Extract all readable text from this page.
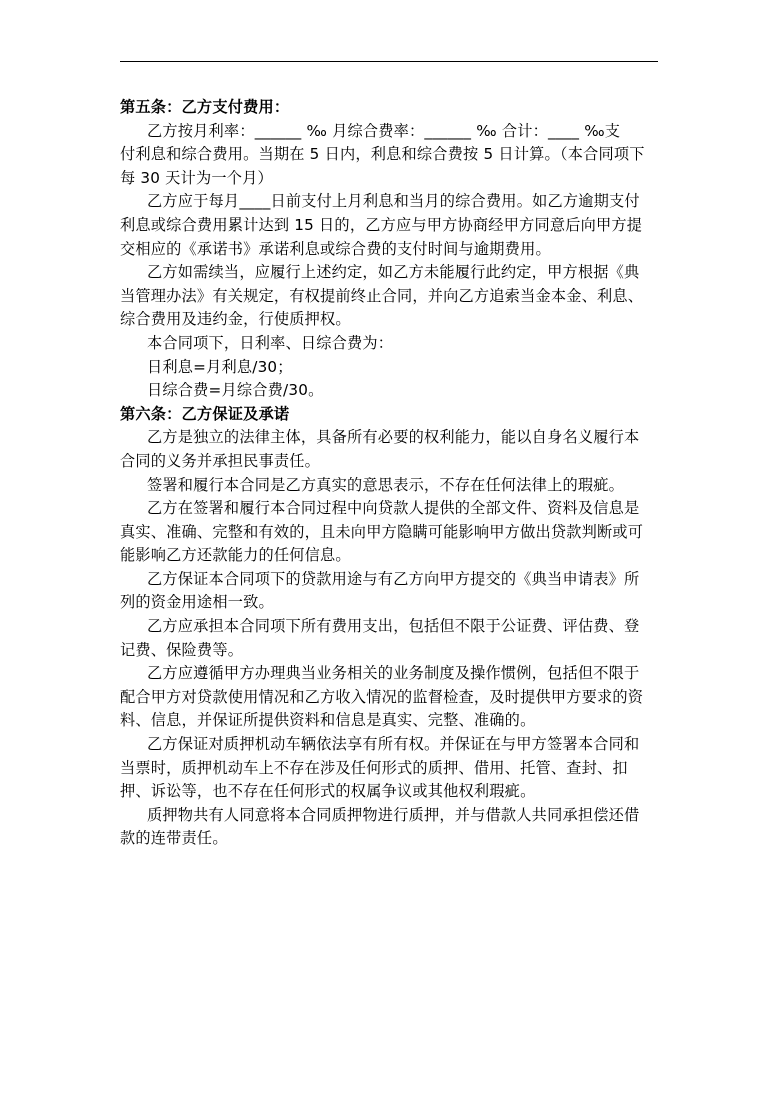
第五条：乙方支付费用：
乙方按月利率：______ ‰ 月综合费率：______ ‰ 合计：____ ‰支
付利息和综合费用。当期在 5 日内，利息和综合费按 5 日计算。（本合同项下
每 30 天计为一个月）
乙方应于每月____日前支付上月利息和当月的综合费用。如乙方逾期支付
利息或综合费用累计达到 15 日的，乙方应与甲方协商经甲方同意后向甲方提
交相应的《承诺书》承诺利息或综合费的支付时间与逾期费用。
乙方如需续当，应履行上述约定，如乙方未能履行此约定，甲方根据《典
当管理办法》有关规定，有权提前终止合同，并向乙方追索当金本金、利息、
综合费用及违约金，行使质押权。
本合同项下，日利率、日综合费为：
日利息=月利息/30；
日综合费=月综合费/30。
第六条：乙方保证及承诺
乙方是独立的法律主体，具备所有必要的权利能力，能以自身名义履行本
合同的义务并承担民事责任。
签署和履行本合同是乙方真实的意思表示，不存在任何法律上的瑕疵。
乙方在签署和履行本合同过程中向贷款人提供的全部文件、资料及信息是
真实、准确、完整和有效的，且未向甲方隐瞒可能影响甲方做出贷款判断或可
能影响乙方还款能力的任何信息。
乙方保证本合同项下的贷款用途与有乙方向甲方提交的《典当申请表》所
列的资金用途相一致。
乙方应承担本合同项下所有费用支出，包括但不限于公证费、评估费、登
记费、保险费等。
乙方应遵循甲方办理典当业务相关的业务制度及操作惯例，包括但不限于
配合甲方对贷款使用情况和乙方收入情况的监督检查，及时提供甲方要求的资
料、信息，并保证所提供资料和信息是真实、完整、准确的。
乙方保证对质押机动车辆依法享有所有权。并保证在与甲方签署本合同和
当票时，质押机动车上不存在涉及任何形式的质押、借用、托管、查封、扣
押、诉讼等，也不存在任何形式的权属争议或其他权利瑕疵。
质押物共有人同意将本合同质押物进行质押，并与借款人共同承担偿还借
款的连带责任。
